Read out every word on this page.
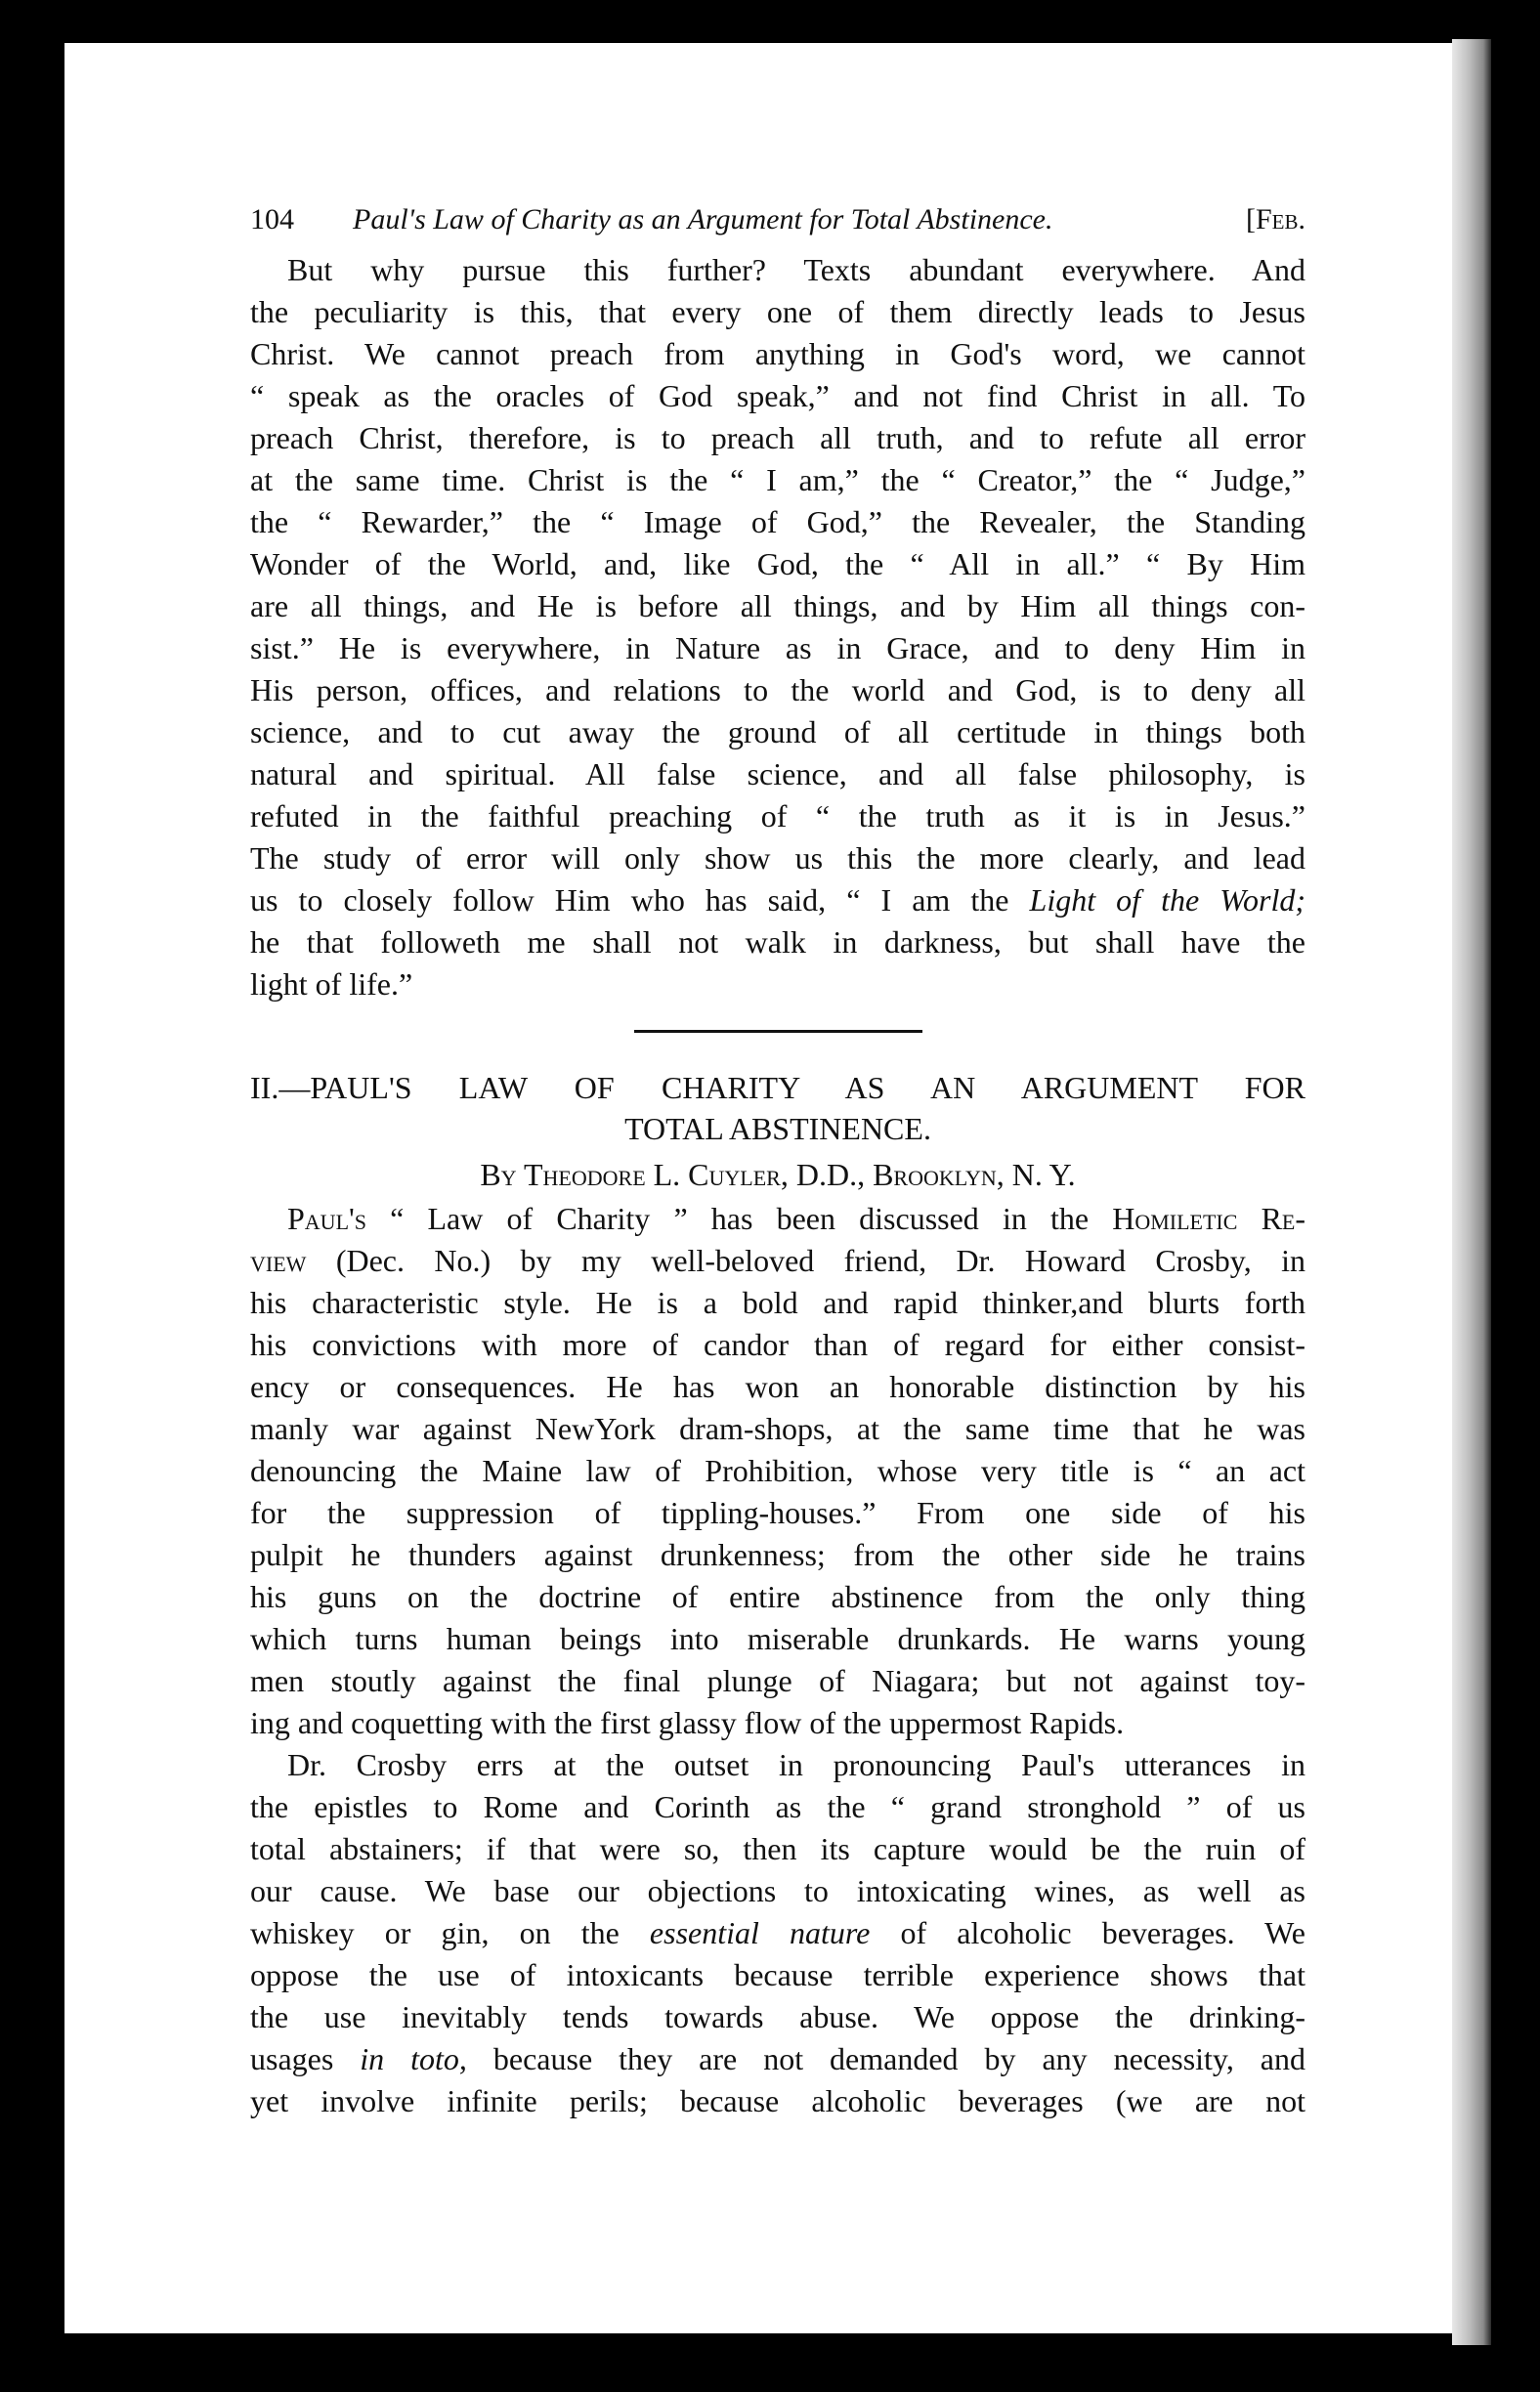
104 Paul's Law of Charity as an Argument for Total Abstinence.	[Feb.
But why pursue this further? Texts abundant everywhere. And
the peculiarity is this, that every one of them directly leads to Jesus
Christ. We cannot preach from anything in God's word, we cannot
“ speak as the oracles of God speak,” and not find Christ in all. To
preach Christ, therefore, is to preach all truth, and to refute all error
at the same time. Christ is the “ I am,” the “ Creator,” the “ Judge,”
the “ Rewarder,” the “ Image of God,” the Revealer, the Standing
Wonder of the World, and, like God, the “ All in all.” “ By Him
are all things, and He is before all things, and by Him all things con-
sist.” He is everywhere, in Nature as in Grace, and to deny Him in
His person, offices, and relations to the world and God, is to deny all
science, and to cut away the ground of all certitude in things both
natural and spiritual. All false science, and all false philosophy, is
refuted in the faithful preaching of “ the truth as it is in Jesus.”
The study of error will only show us this the more clearly, and lead
us to closely follow Him who has said, “ I am the Light of the World;
he that followeth me shall not walk in darkness, but shall have the
light of life.”
II.—PAUL'S LAW OF CHARITY AS AN ARGUMENT FOR
TOTAL ABSTINENCE.
By Theodore L. Cuyler, D.D., Brooklyn, N. Y.
Paul's “ Law of Charity ” has been discussed in the Homiletic Re-
view (Dec. No.) by my well-beloved friend, Dr. Howard Crosby, in
his characteristic style. He is a bold and rapid thinker,and blurts forth
his convictions with more of candor than of regard for either consist-
ency or consequences. He has won an honorable distinction by his
manly war against NewYork dram-shops, at the same time that he was
denouncing the Maine law of Prohibition, whose very title is “ an act
for the suppression of tippling-houses.” From one side of his
pulpit he thunders against drunkenness; from the other side he trains
his guns on the doctrine of entire abstinence from the only thing
which turns human beings into miserable drunkards. He warns young
men stoutly against the final plunge of Niagara; but not against toy-
ing and coquetting with the first glassy flow of the uppermost Rapids.
Dr. Crosby errs at the outset in pronouncing Paul's utterances in
the epistles to Rome and Corinth as the “ grand stronghold ” of us
total abstainers; if that were so, then its capture would be the ruin of
our cause. We base our objections to intoxicating wines, as well as
whiskey or gin, on the essential nature of alcoholic beverages. We
oppose the use of intoxicants because terrible experience shows that
the use inevitably tends towards abuse. We oppose the drinking-
usages in toto, because they are not demanded by any necessity, and
yet involve infinite perils; because alcoholic beverages (we are not
